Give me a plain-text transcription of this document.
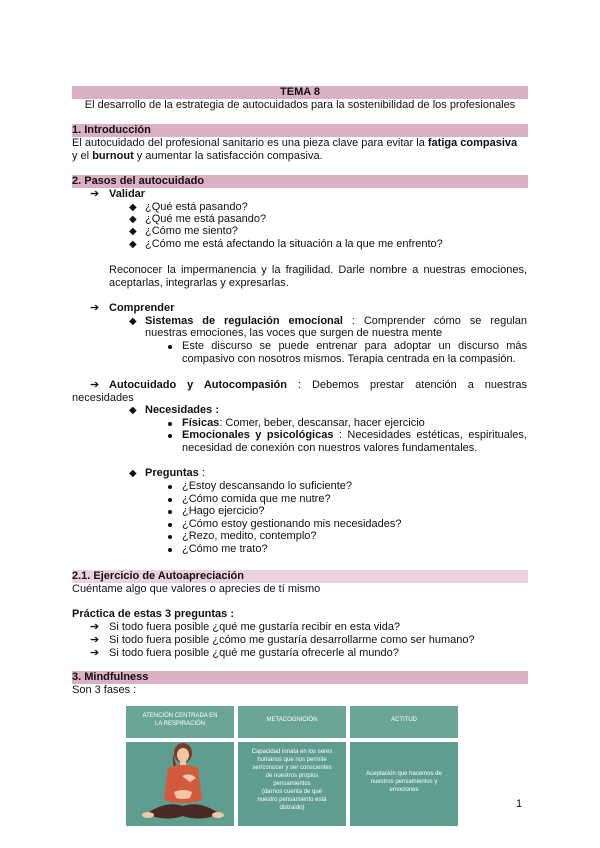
TEMA 8
El desarrollo de la estrategia de autocuidados para la sostenibilidad de los profesionales
1. Introducción
El autocuidado del profesional sanitario es una pieza clave para evitar la fatiga compasiva
y el burnout y aumentar la satisfacción compasiva.
2. Pasos del autocuidado
➔ Validar
◆ ¿Qué está pasando?
◆ ¿Qué me está pasando?
◆ ¿Cómo me siento?
◆ ¿Cómo me está afectando la situación a la que me enfrento?
Reconocer la impermanencia y la fragilidad. Darle nombre a nuestras emociones,
aceptarlas, integrarlas y expresarlas.
➔ Comprender
◆ Sistemas de regulación emocional : Comprender cómo se regulan
nuestras emociones, las voces que surgen de nuestra mente
Este discurso se puede entrenar para adoptar un discurso más
compasivo con nosotros mismos. Terapia centrada en la compasión.
➔ Autocuidado y Autocompasión : Debemos prestar atención a nuestras
necesidades
◆ Necesidades :
Físicas: Comer, beber, descansar, hacer ejercicio
Emocionales y psicológicas : Necesidades estéticas, espirituales,
necesidad de conexión con nuestros valores fundamentales.
◆ Preguntas :
¿Estoy descansando lo suficiente?
¿Cómo comida que me nutre?
¿Hago ejercicio?
¿Cómo estoy gestionando mis necesidades?
¿Rezo, medito, contemplo?
¿Cómo me trato?
2.1. Ejercicio de Autoapreciación
Cuéntame algo que valores o aprecies de tí mismo
Práctica de estas 3 preguntas :
➔ Si todo fuera posible ¿qué me gustaría recibir en esta vida?
➔ Si todo fuera posible ¿cómo me gustaría desarrollarme como ser humano?
➔ Si todo fuera posible ¿qué me gustaría ofrecerle al mundo?
3. Mindfulness
Son 3 fases :
ATENCIÓN CENTRADA EN
LA RESPIRACIÓN
METACOGNICIÓN	ACTITUD
Capacidad innata en los seres
humanos que nos permite
ser/conocer y ser conscientes
de nuestros propios
pensamientos
(darnos cuenta de qué
nuestro pensamiento está
distraído)
Aceptación que hacemos de
nuestros pensamientos y
emociones
1
